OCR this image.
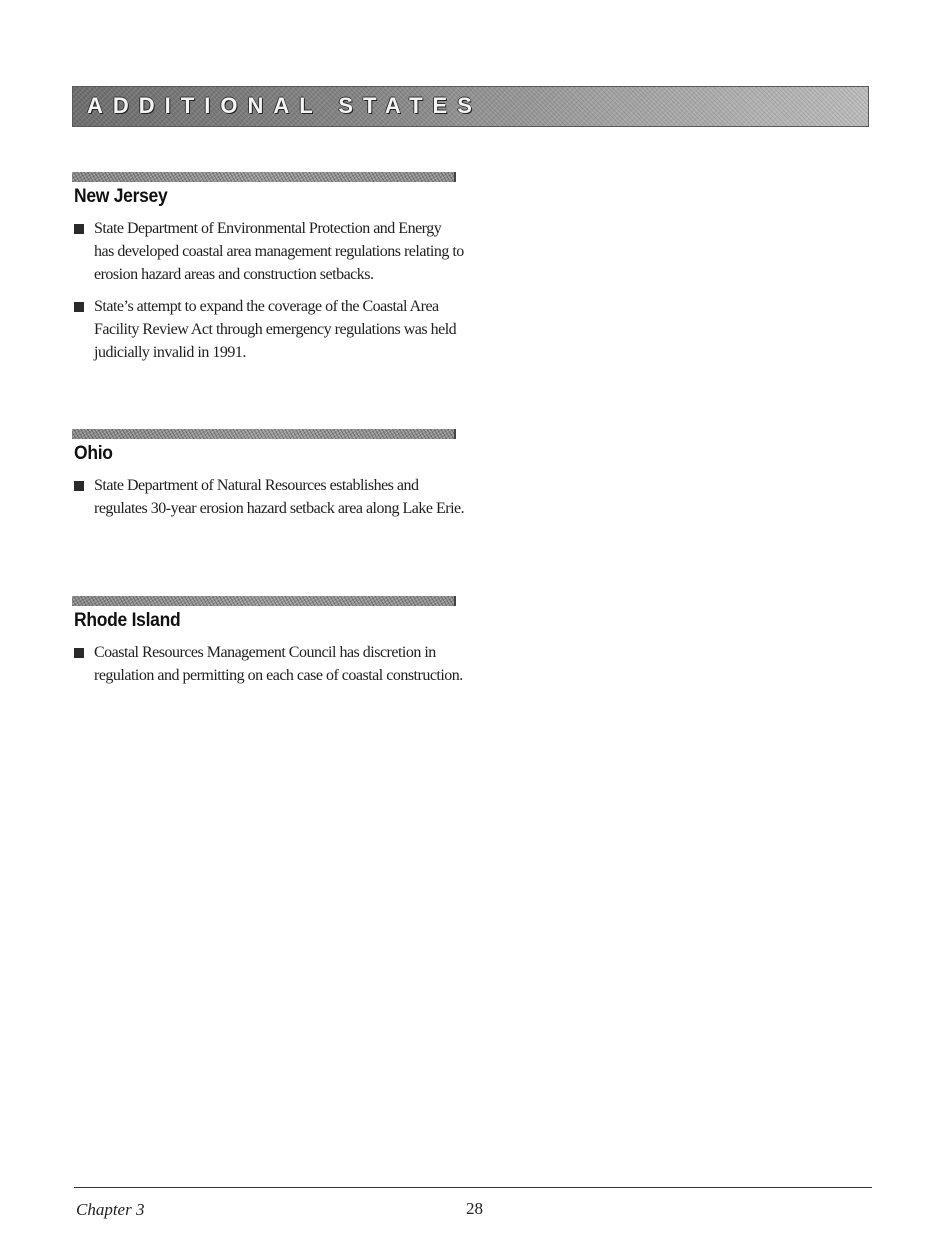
ADDITIONAL STATES
New Jersey
State Department of Environmental Protection and Energy has developed coastal area management regulations relating to erosion hazard areas and construction setbacks.
State’s attempt to expand the coverage of the Coastal Area Facility Review Act through emergency regulations was held judicially invalid in 1991.
Ohio
State Department of Natural Resources establishes and regulates 30-year erosion hazard setback area along Lake Erie.
Rhode Island
Coastal Resources Management Council has discretion in regulation and permitting on each case of coastal construction.
Chapter 3	28
